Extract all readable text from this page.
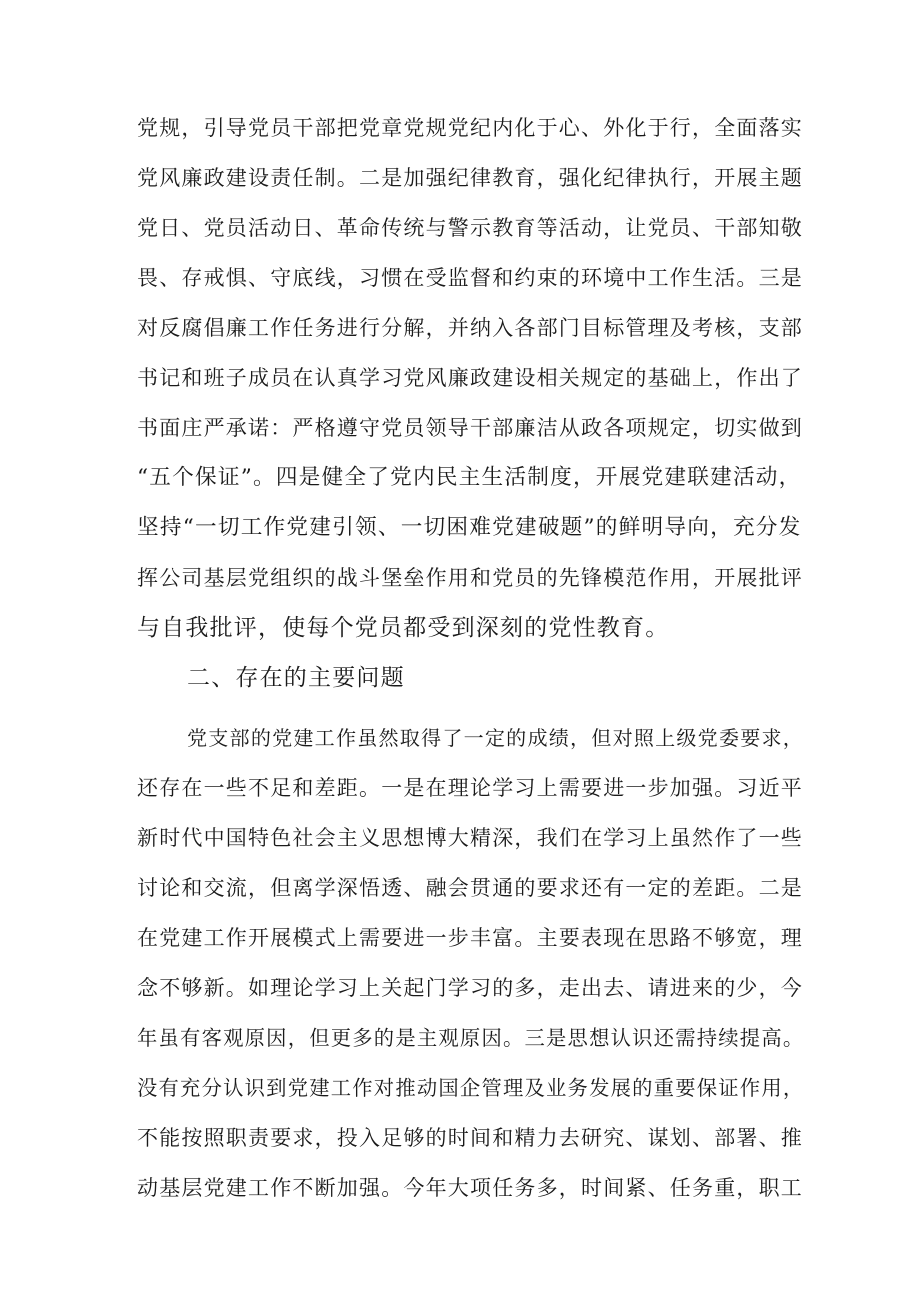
党规，引导党员干部把党章党规党纪内化于心、外化于行，全面落实
党风廉政建设责任制。二是加强纪律教育，强化纪律执行，开展主题
党日、党员活动日、革命传统与警示教育等活动，让党员、干部知敬
畏、存戒惧、守底线，习惯在受监督和约束的环境中工作生活。三是
对反腐倡廉工作任务进行分解，并纳入各部门目标管理及考核，支部
书记和班子成员在认真学习党风廉政建设相关规定的基础上，作出了
书面庄严承诺：严格遵守党员领导干部廉洁从政各项规定，切实做到
“五个保证”。四是健全了党内民主生活制度，开展党建联建活动，
坚持“一切工作党建引领、一切困难党建破题”的鲜明导向，充分发
挥公司基层党组织的战斗堡垒作用和党员的先锋模范作用，开展批评
与自我批评，使每个党员都受到深刻的党性教育。
二、存在的主要问题
党支部的党建工作虽然取得了一定的成绩，但对照上级党委要求，
还存在一些不足和差距。一是在理论学习上需要进一步加强。习近平
新时代中国特色社会主义思想博大精深，我们在学习上虽然作了一些
讨论和交流，但离学深悟透、融会贯通的要求还有一定的差距。二是
在党建工作开展模式上需要进一步丰富。主要表现在思路不够宽，理
念不够新。如理论学习上关起门学习的多，走出去、请进来的少，今
年虽有客观原因，但更多的是主观原因。三是思想认识还需持续提高。
没有充分认识到党建工作对推动国企管理及业务发展的重要保证作用，
不能按照职责要求，投入足够的时间和精力去研究、谋划、部署、推
动基层党建工作不断加强。今年大项任务多，时间紧、任务重，职工
